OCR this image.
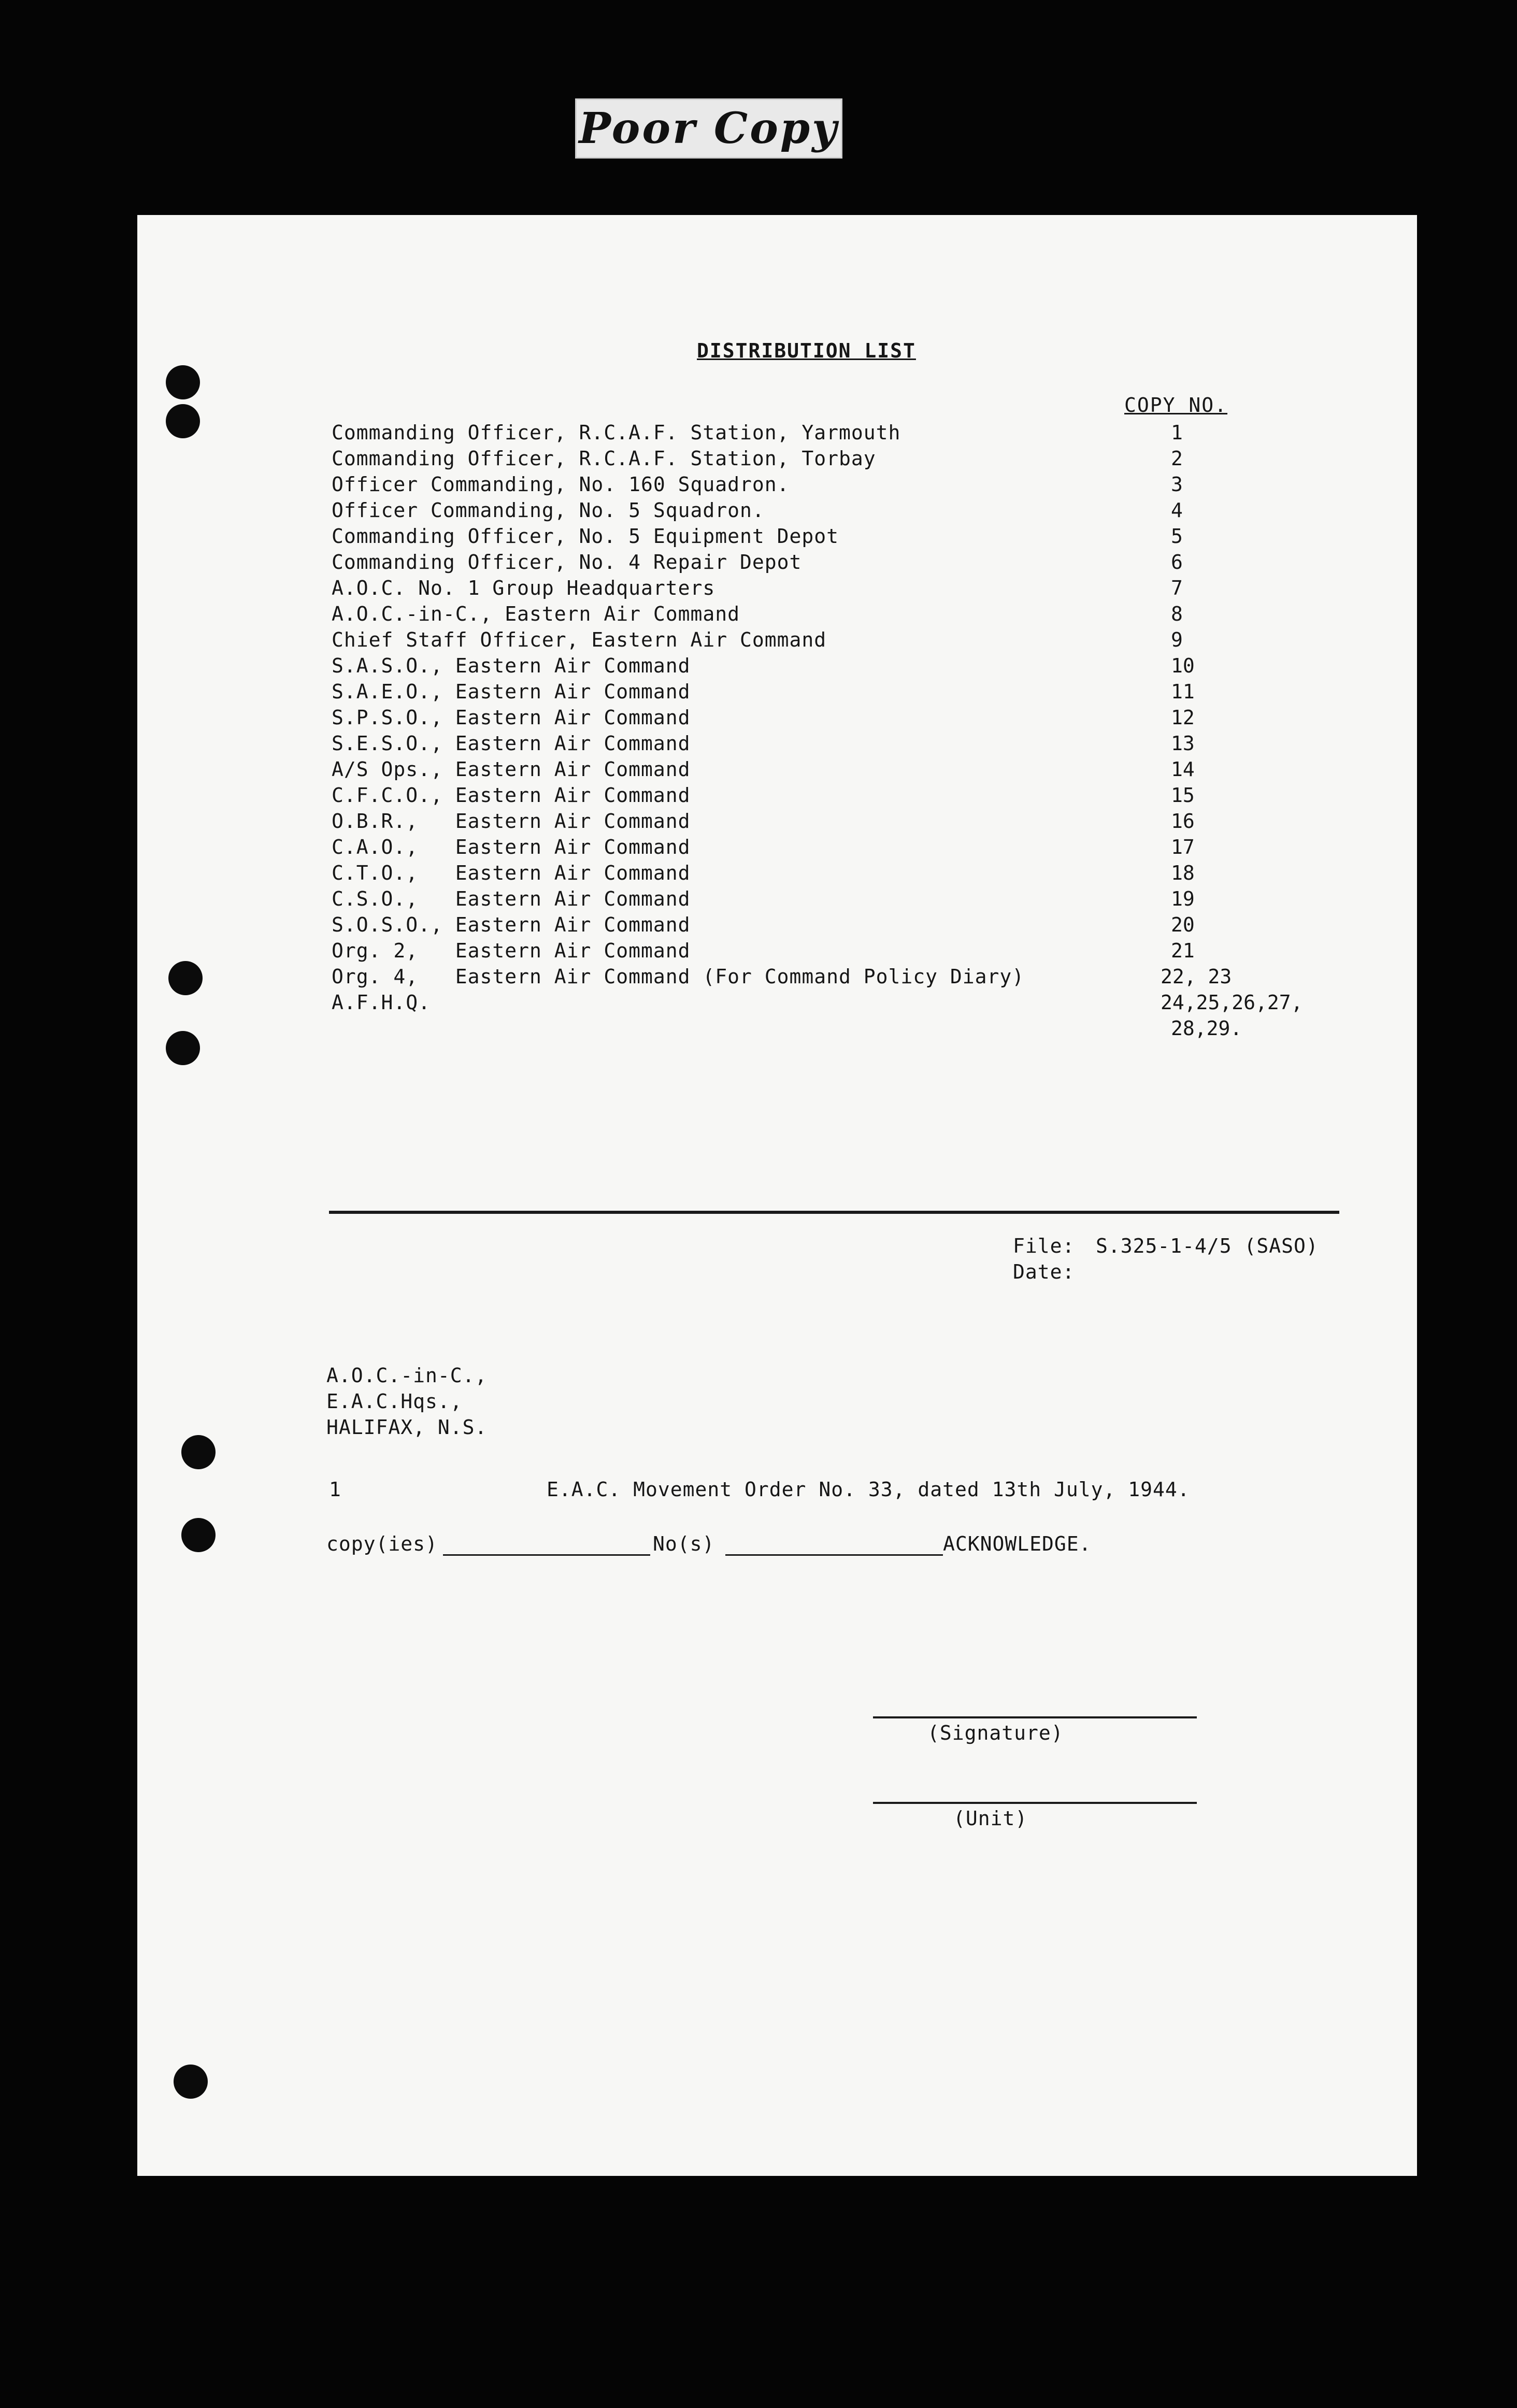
Poor Copy
DISTRIBUTION LIST
COPY NO.
Commanding Officer, R.C.A.F. Station, Yarmouth	1
Commanding Officer, R.C.A.F. Station, Torbay	2
Officer Commanding, No. 160 Squadron.	3
Officer Commanding, No. 5 Squadron.	4
Commanding Officer, No. 5 Equipment Depot	5
Commanding Officer, No. 4 Repair Depot	6
A.O.C. No. 1 Group Headquarters	7
A.O.C.-in-C., Eastern Air Command	8
Chief Staff Officer, Eastern Air Command	9
S.A.S.O., Eastern Air Command	10
S.A.E.O., Eastern Air Command	11
S.P.S.O., Eastern Air Command	12
S.E.S.O., Eastern Air Command	13
A/S Ops., Eastern Air Command	14
C.F.C.O., Eastern Air Command	15
O.B.R.,   Eastern Air Command	16
C.A.O.,   Eastern Air Command	17
C.T.O.,   Eastern Air Command	18
C.S.O.,   Eastern Air Command	19
S.O.S.O., Eastern Air Command	20
Org. 2,   Eastern Air Command	21
Org. 4,   Eastern Air Command (For Command Policy Diary)	22, 23
A.F.H.Q.	24,25,26,27,
28,29.
File: S.325-1-4/5 (SASO)
Date:
A.O.C.-in-C.,
E.A.C.Hqs.,
HALIFAX, N.S.
1	E.A.C. Movement Order No. 33, dated 13th July, 1944.
copy(ies)	No(s)	ACKNOWLEDGE.
(Signature)
(Unit)
